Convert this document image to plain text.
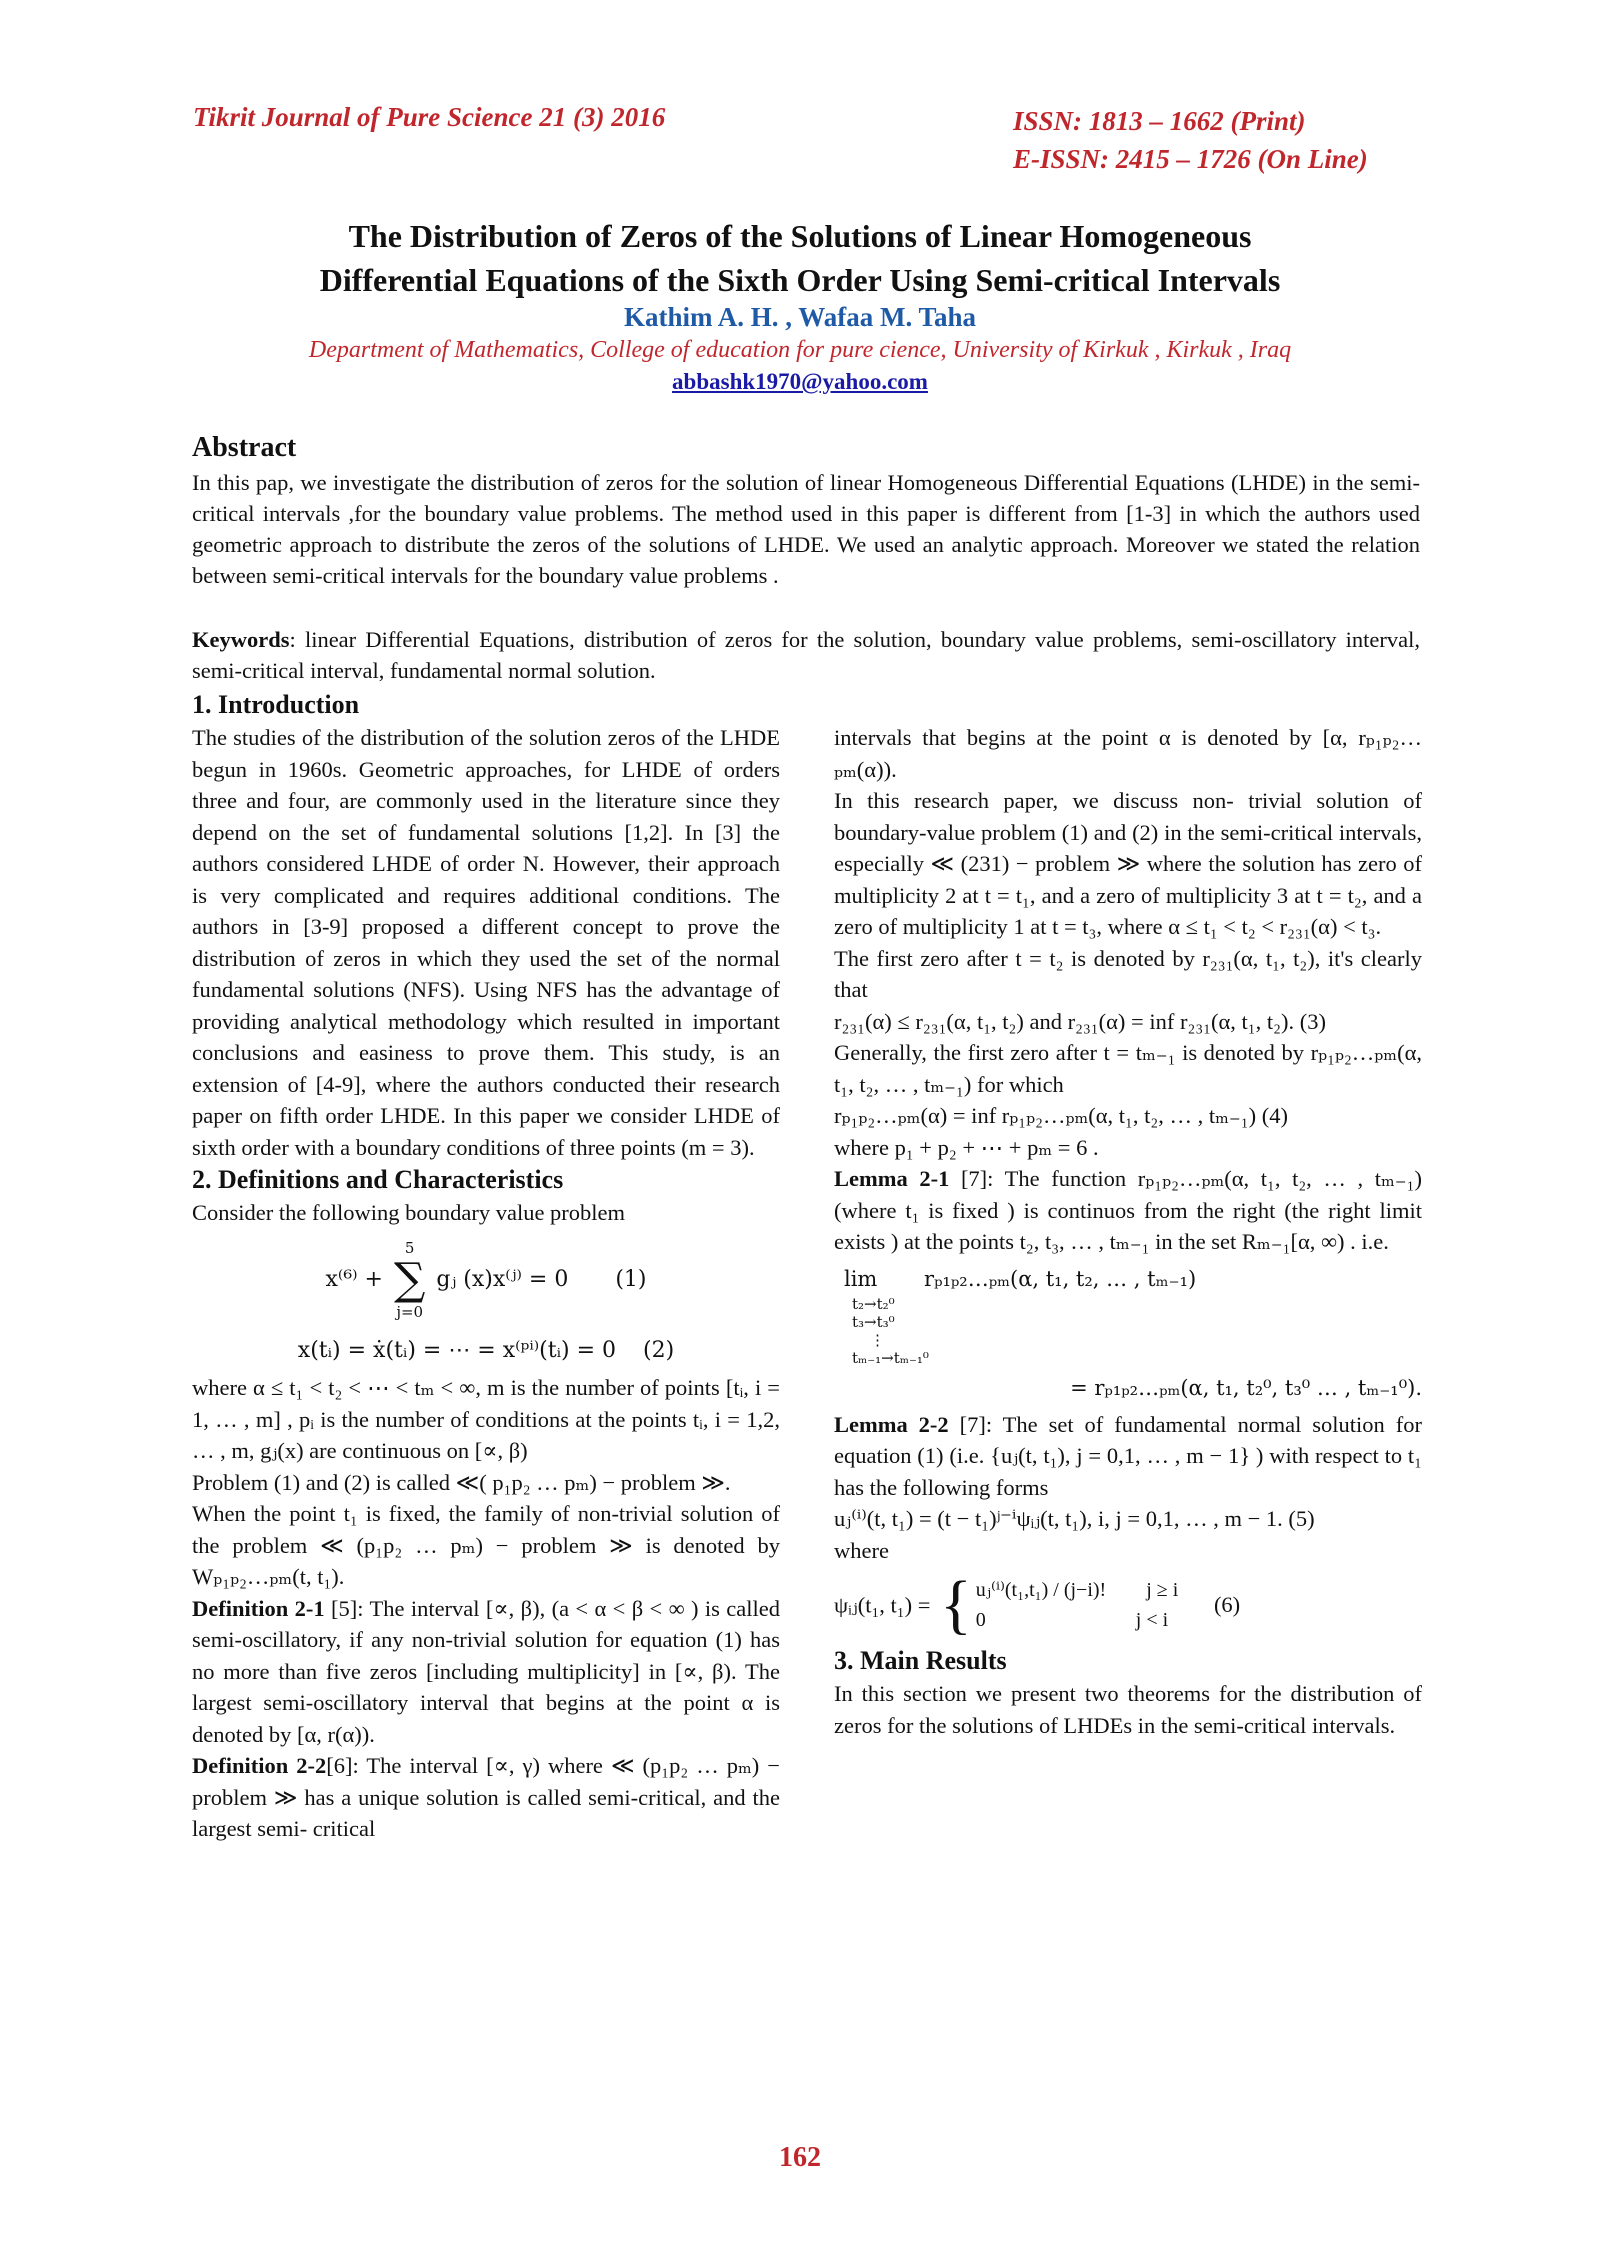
Tikrit Journal of Pure Science 21 (3) 2016	ISSN: 1813 – 1662 (Print)
E-ISSN: 2415 – 1726 (On Line)
The Distribution of Zeros of the Solutions of Linear Homogeneous
Differential Equations of the Sixth Order Using Semi-critical Intervals
Kathim A. H. , Wafaa M. Taha
Department of Mathematics, College of education for pure cience, University of Kirkuk , Kirkuk , Iraq
abbashk1970@yahoo.com
Abstract
In this pap, we investigate the distribution of zeros for the solution of linear Homogeneous Differential Equations (LHDE) in the semi-critical intervals ,for the boundary value problems. The method used in this paper is different from [1-3] in which the authors used geometric approach to distribute the zeros of the solutions of LHDE. We used an analytic approach. Moreover we stated the relation between semi-critical intervals for the boundary value problems .
Keywords: linear Differential Equations, distribution of zeros for the solution, boundary value problems, semi-oscillatory interval, semi-critical interval, fundamental normal solution.
1. Introduction

The studies of the distribution of the solution zeros of the LHDE begun in 1960s. Geometric approaches, for LHDE of orders three and four, are commonly used in the literature since they depend on the set of fundamental solutions [1,2]. In [3] the authors considered LHDE of order N. However, their approach is very complicated and requires additional conditions. The authors in [3-9] proposed a different concept to prove the distribution of zeros in which they used the set of the normal fundamental solutions (NFS). Using NFS has the advantage of providing analytical methodology which resulted in important conclusions and easiness to prove them. This study, is an extension of [4-9], where the authors conducted their research paper on fifth order LHDE. In this paper we consider LHDE of sixth order with a boundary conditions of three points (m = 3).

2. Definitions and Characteristics

Consider the following boundary value problem

x⁽⁶⁾ +
5
∑
j=0
gⱼ (x)x⁽ʲ⁾ = 0 (1)
x(tᵢ) = ẋ(tᵢ) = ⋯ = x⁽ᵖⁱ⁾(tᵢ) = 0 (2)

where α ≤ t₁ < t₂ < ⋯ < tₘ < ∞, m is the number of points [tᵢ, i = 1, … , m] , pᵢ is the number of conditions at the points tᵢ, i = 1,2, … , m, gⱼ(x) are continuous on [∝, β)

Problem (1) and (2) is called ≪( p₁p₂ … pₘ) − problem ≫.

When the point t₁ is fixed, the family of non-trivial solution of the problem ≪ (p₁p₂ … pₘ) − problem ≫ is denoted by Wₚ₁ₚ₂…ₚₘ(t, t₁).

Definition 2-1 [5]: The interval [∝, β), (a < α < β < ∞ ) is called semi-oscillatory, if any non-trivial solution for equation (1) has no more than five zeros [including multiplicity] in [∝, β). The largest semi-oscillatory interval that begins at the point α is denoted by [α, r(α)).

Definition 2-2[6]: The interval [∝, γ) where ≪ (p₁p₂ … pₘ) − problem ≫ has a unique solution is called semi-critical, and the largest semi- critical

intervals that begins at the point α is denoted by [α, rₚ₁ₚ₂…ₚₘ(α)).

In this research paper, we discuss non- trivial solution of boundary-value problem (1) and (2) in the semi-critical intervals, especially ≪ (231) − problem ≫ where the solution has zero of multiplicity 2 at t = t₁, and a zero of multiplicity 3 at t = t₂, and a zero of multiplicity 1 at t = t₃, where α ≤ t₁ < t₂ < r₂₃₁(α) < t₃.

The first zero after t = t₂ is denoted by r₂₃₁(α, t₁, t₂), it's clearly that

r₂₃₁(α) ≤ r₂₃₁(α, t₁, t₂) and r₂₃₁(α) = inf r₂₃₁(α, t₁, t₂). (3)

Generally, the first zero after t = tₘ₋₁ is denoted by rₚ₁ₚ₂…ₚₘ(α, t₁, t₂, … , tₘ₋₁) for which

rₚ₁ₚ₂…ₚₘ(α) = inf rₚ₁ₚ₂…ₚₘ(α, t₁, t₂, … , tₘ₋₁) (4)

where p₁ + p₂ + ⋯ + pₘ = 6 .

Lemma 2-1 [7]: The function rₚ₁ₚ₂…ₚₘ(α, t₁, t₂, … , tₘ₋₁) (where t₁ is fixed ) is continuos from the right (the right limit exists ) at the points t₂, t₃, … , tₘ₋₁ in the set Rₘ₋₁[α, ∞) . i.e.

lim rₚ₁ₚ₂…ₚₘ(α, t₁, t₂, … , tₘ₋₁)
t₂→t₂⁰
t₃→t₃⁰
⋮
tₘ₋₁→tₘ₋₁⁰
= rₚ₁ₚ₂…ₚₘ(α, t₁, t₂⁰, t₃⁰ … , tₘ₋₁⁰).

Lemma 2-2 [7]: The set of fundamental normal solution for equation (1) (i.e. {uⱼ(t, t₁), j = 0,1, … , m − 1} ) with respect to t₁ has the following forms

uⱼ⁽ⁱ⁾(t, t₁) = (t − t₁)ʲ⁻ⁱψᵢⱼ(t, t₁), i, j = 0,1, … , m − 1. (5)

where

ψᵢⱼ(t₁, t₁) = { uⱼ⁽ⁱ⁾(t₁,t₁) / (j−i)! j ≥ i
0	j < i
(6)
3. Main Results

In this section we present two theorems for the distribution of zeros for the solutions of LHDEs in the semi-critical intervals.

162
